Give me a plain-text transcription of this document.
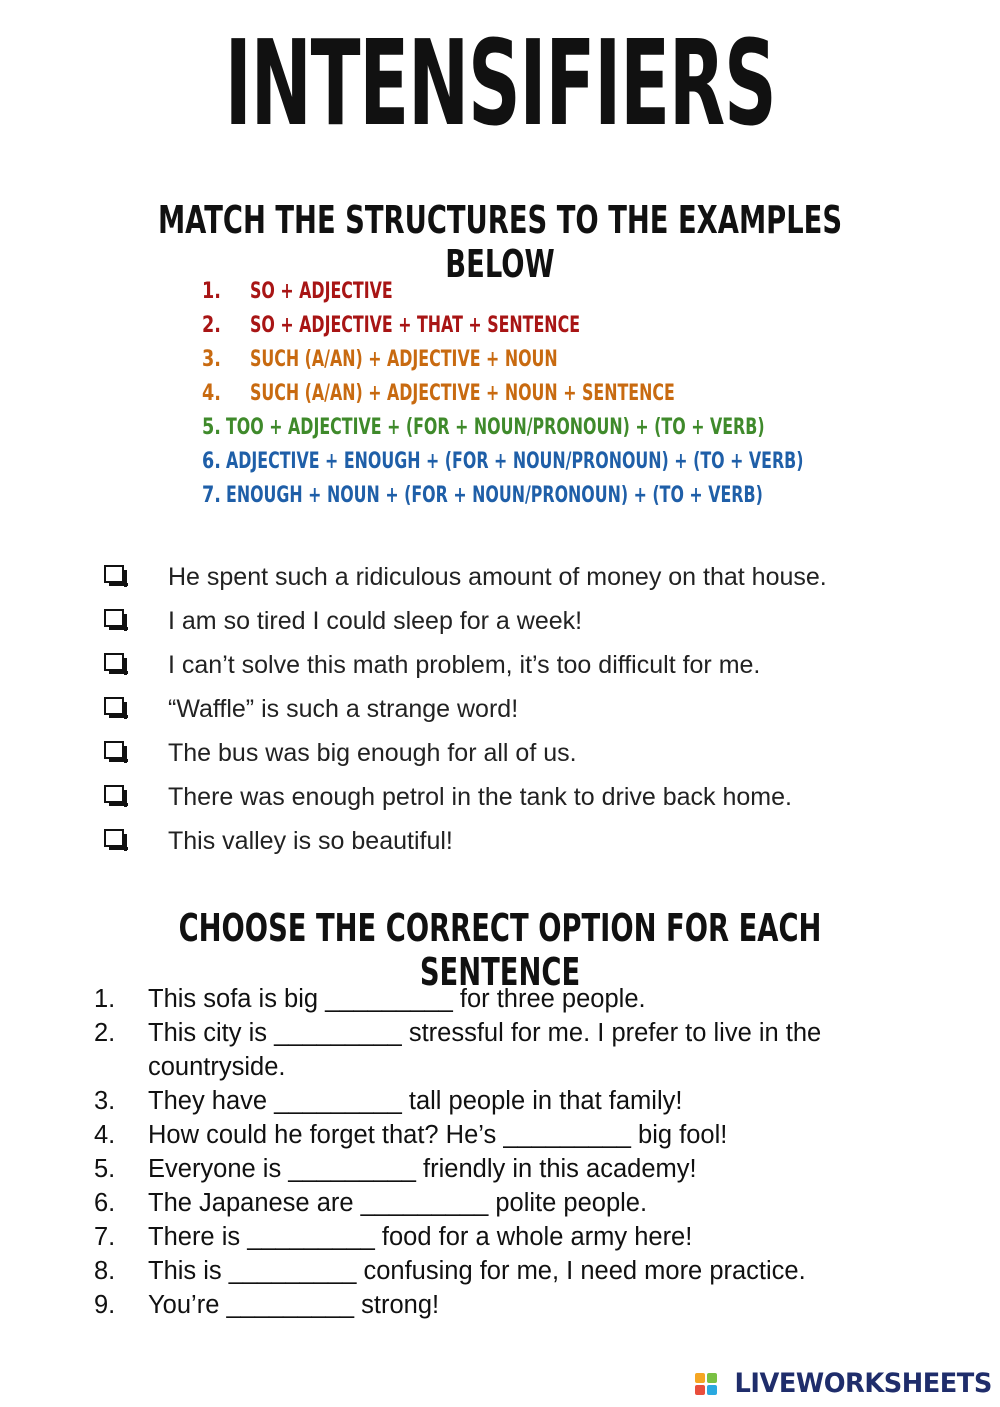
INTENSIFIERS
MATCH THE STRUCTURES TO THE EXAMPLES BELOW
1.	SO + ADJECTIVE
2.	SO + ADJECTIVE + THAT + SENTENCE
3.	SUCH (A/AN) + ADJECTIVE + NOUN
4.	SUCH (A/AN) + ADJECTIVE + NOUN + SENTENCE
5. TOO + ADJECTIVE + (FOR + NOUN/PRONOUN) + (TO + VERB)
6. ADJECTIVE + ENOUGH + (FOR + NOUN/PRONOUN) + (TO + VERB)
7. ENOUGH + NOUN + (FOR + NOUN/PRONOUN) + (TO + VERB)
He spent such a ridiculous amount of money on that house.
I am so tired I could sleep for a week!
I can’t solve this math problem, it’s too difficult for me.
“Waffle” is such a strange word!
The bus was big enough for all of us.
There was enough petrol in the tank to drive back home.
This valley is so beautiful!
CHOOSE THE CORRECT OPTION FOR EACH SENTENCE
1.	This sofa is big _________ for three people.
2.	This city is _________ stressful for me. I prefer to live in the countryside.
3.	They have _________ tall people in that family!
4.	How could he forget that? He’s _________ big fool!
5.	Everyone is _________ friendly in this academy!
6.	The Japanese are _________ polite people.
7.	There is _________ food for a whole army here!
8.	This is _________ confusing for me, I need more practice.
9.	You’re _________ strong!
LIVEWORKSHEETS
